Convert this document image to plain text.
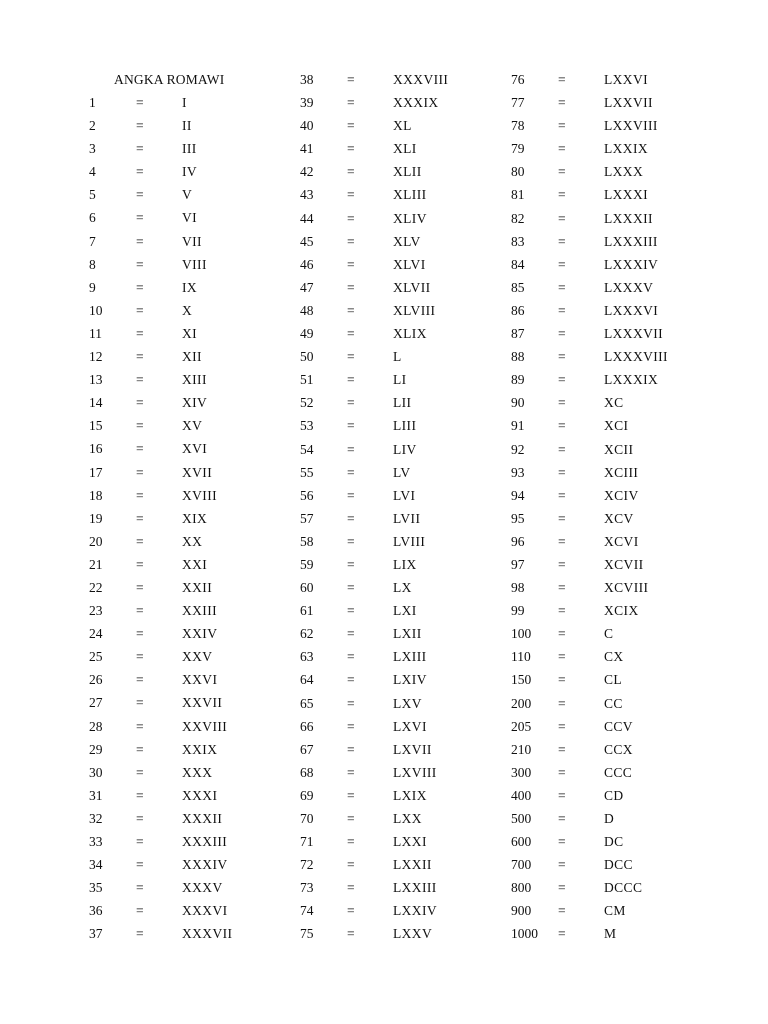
ANGKA ROMAWI
1	=	I
2	=	II
3	=	III
4	=	IV
5	=	V
6	=	VI
7	=	VII
8	=	VIII
9	=	IX
10 =	X
11	=	XI
12 =	XII
13 =	XIII
14 =	XIV
15 =	XV
16 =	XVI
17 =	XVII
18 =	XVIII
19 =	XIX
20 =	XX
21 =	XXI
22 =	XXII
23 =	XXIII
24 =	XXIV
25 =	XXV
26 =	XXVI
27 =	XXVII
28 =	XXVIII
29 =	XXIX
30 =	XXX
31 =	XXXI
32 =	XXXII
33 =	XXXIII
34 =	XXXIV
35 =	XXXV
36 =	XXXVI
37 =	XXXVII
38 =	XXXVIII
39 =	XXXIX
40 =	XL
41 =	XLI
42 =	XLII
43 =	XLIII
44 =	XLIV
45 =	XLV
46 =	XLVI
47 =	XLVII
48 =	XLVIII
49 =	XLIX
50 =	L
51 =	LI
52 =	LII
53 =	LIII
54 =	LIV
55 =	LV
56 =	LVI
57 =	LVII
58 =	LVIII
59 =	LIX
60 =	LX
61 =	LXI
62 =	LXII
63 =	LXIII
64 =	LXIV
65 =	LXV
66 =	LXVI
67 =	LXVII
68 =	LXVIII
69 =	LXIX
70 =	LXX
71 =	LXXI
72 =	LXXII
73 =	LXXIII
74 =	LXXIV
75 =	LXXV
76 =	LXXVI
77 =	LXXVII
78 =	LXXVIII
79 =	LXXIX
80 =	LXXX
81 =	LXXXI
82 =	LXXXII
83 =	LXXXIII
84 =	LXXXIV
85 =	LXXXV
86 =	LXXXVI
87 =	LXXXVII
88 =	LXXXVIII
89 =	LXXXIX
90 =	XC
91 =	XCI
92 =	XCII
93 =	XCIII
94 =	XCIV
95 =	XCV
96 =	XCVI
97 =	XCVII
98 =	XCVIII
99 =	XCIX
100 =	C
110 =	CX
150 =	CL
200 =	CC
205 =	CCV
210 =	CCX
300 =	CCC
400 =	CD
500 =	D
600 =	DC
700 =	DCC
800 =	DCCC
900 =	CM
1000 =	M
